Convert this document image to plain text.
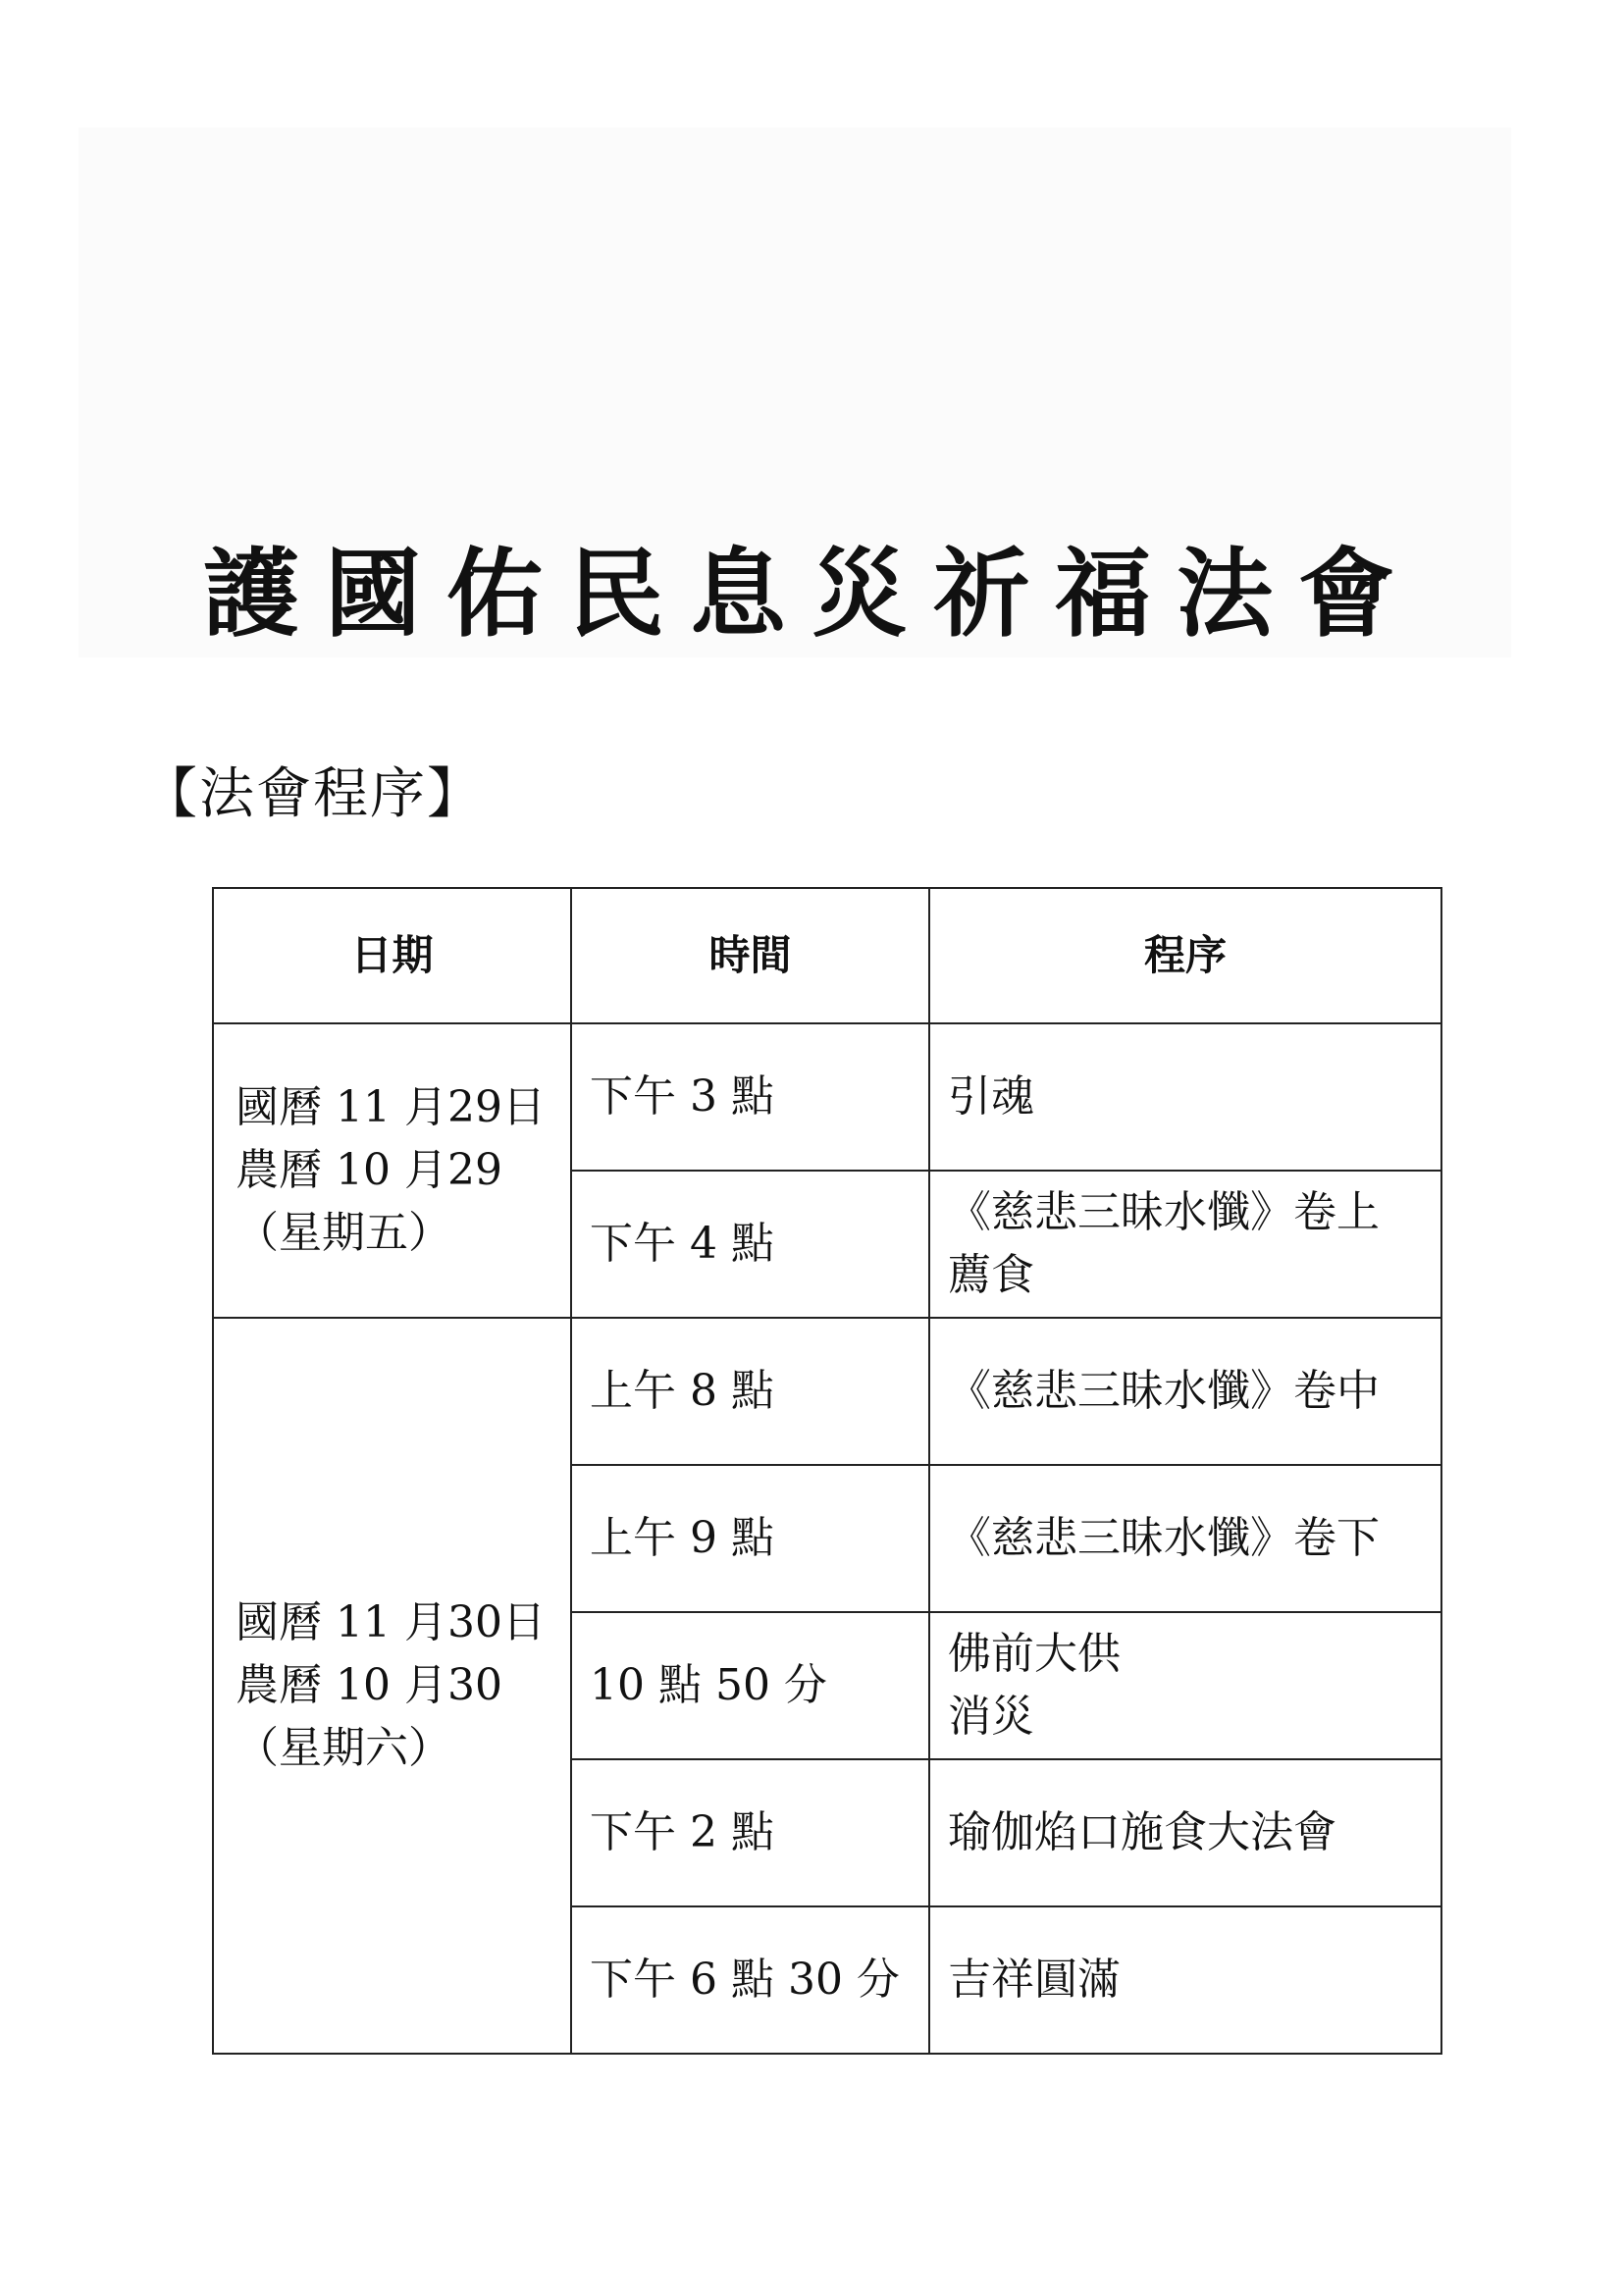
護國佑民息災祈福法會
【法會程序】
日期	時間	程序

國曆 11 月29日
農曆 10 月29
（星期五）	下午 3 點	引魂

	下午 4 點	《慈悲三昧水懺》卷上
薦食

國曆 11 月30日
農曆 10 月30
（星期六）	上午 8 點	《慈悲三昧水懺》卷中

	上午 9 點	《慈悲三昧水懺》卷下

	10 點 50 分	佛前大供
消災

	下午 2 點	瑜伽焰口施食大法會

	下午 6 點 30 分	吉祥圓滿
